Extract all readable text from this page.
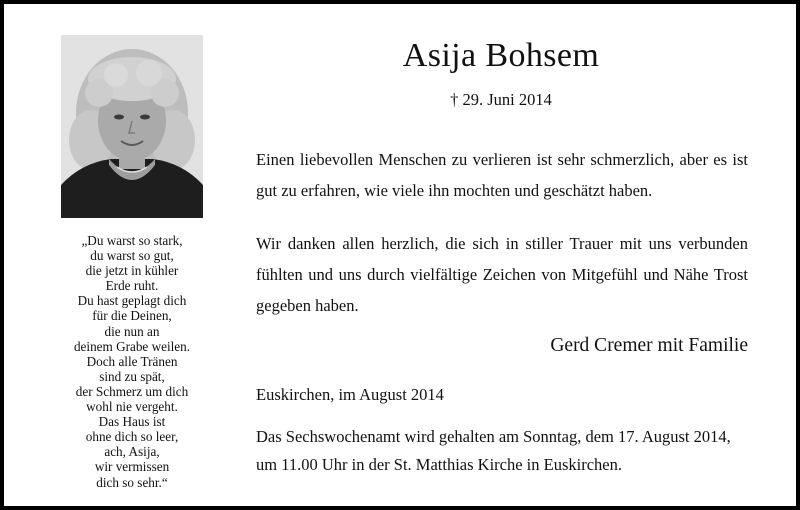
„Du warst so stark,
du warst so gut,
die jetzt in kühler
Erde ruht.
Du hast geplagt dich
für die Deinen,
die nun an
deinem Grabe weilen.
Doch alle Tränen
sind zu spät,
der Schmerz um dich
wohl nie vergeht.
Das Haus ist
ohne dich so leer,
ach, Asija,
wir vermissen
dich so sehr.“
Asija Bohsem
† 29. Juni 2014
Einen liebevollen Menschen zu verlieren ist sehr schmerzlich, aber es ist gut zu erfahren, wie viele ihn mochten und geschätzt haben.
Wir danken allen herzlich, die sich in stiller Trauer mit uns verbunden fühlten und uns durch vielfältige Zeichen von Mitgefühl und Nähe Trost gegeben haben.
Gerd Cremer mit Familie
Euskirchen, im August 2014
Das Sechswochenamt wird gehalten am Sonntag, dem 17. August 2014,
um 11.00 Uhr in der St. Matthias Kirche in Euskirchen.
